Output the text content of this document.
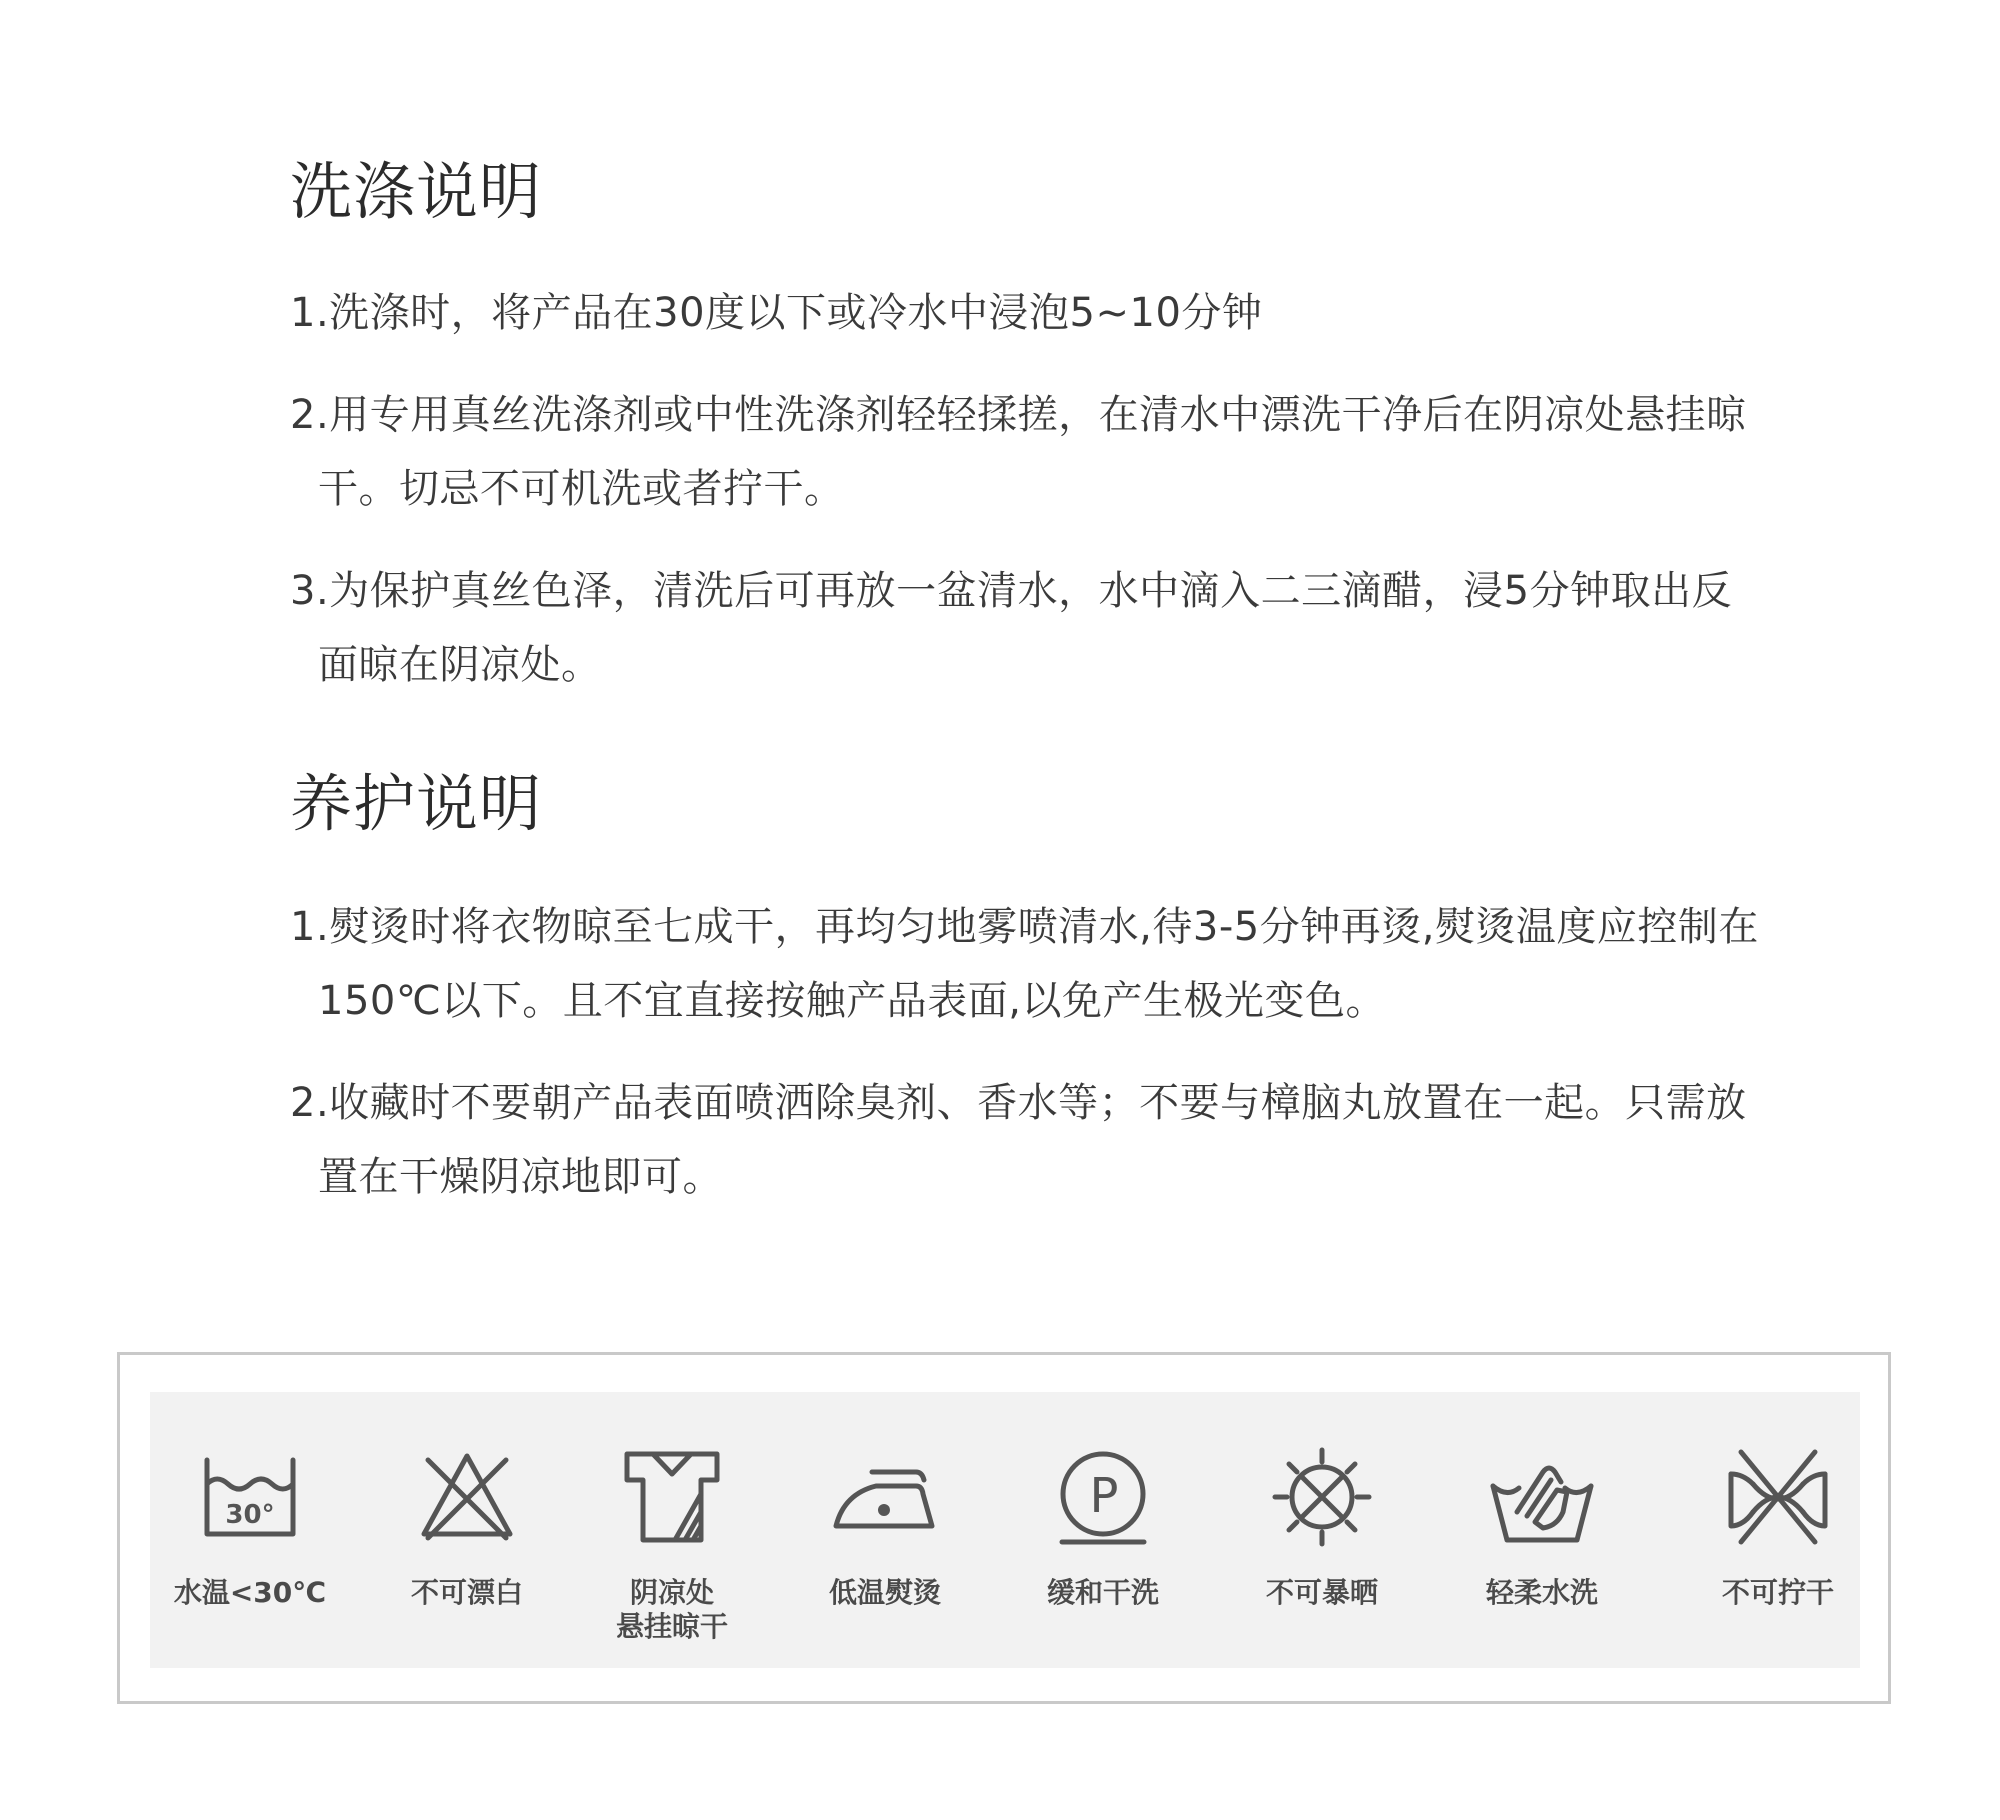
洗涤说明
1.洗涤时，将产品在30度以下或冷水中浸泡5~10分钟
2.用专用真丝洗涤剂或中性洗涤剂轻轻揉搓，在清水中漂洗干净后在阴凉处悬挂晾干。切忌不可机洗或者拧干。
3.为保护真丝色泽，清洗后可再放一盆清水，水中滴入二三滴醋，浸5分钟取出反面晾在阴凉处。
养护说明
1.熨烫时将衣物晾至七成干，再均匀地雾喷清水,待3-5分钟再烫,熨烫温度应控制在150℃以下。且不宜直接按触产品表面,以免产生极光变色。
2.收藏时不要朝产品表面喷洒除臭剂、香水等；不要与樟脑丸放置在一起。只需放置在干燥阴凉地即可。
30°
水温<30℃	不可漂白	阴凉处
悬挂晾干
低温熨烫
P
缓和干洗	不可暴晒	轻柔水洗	不可拧干
